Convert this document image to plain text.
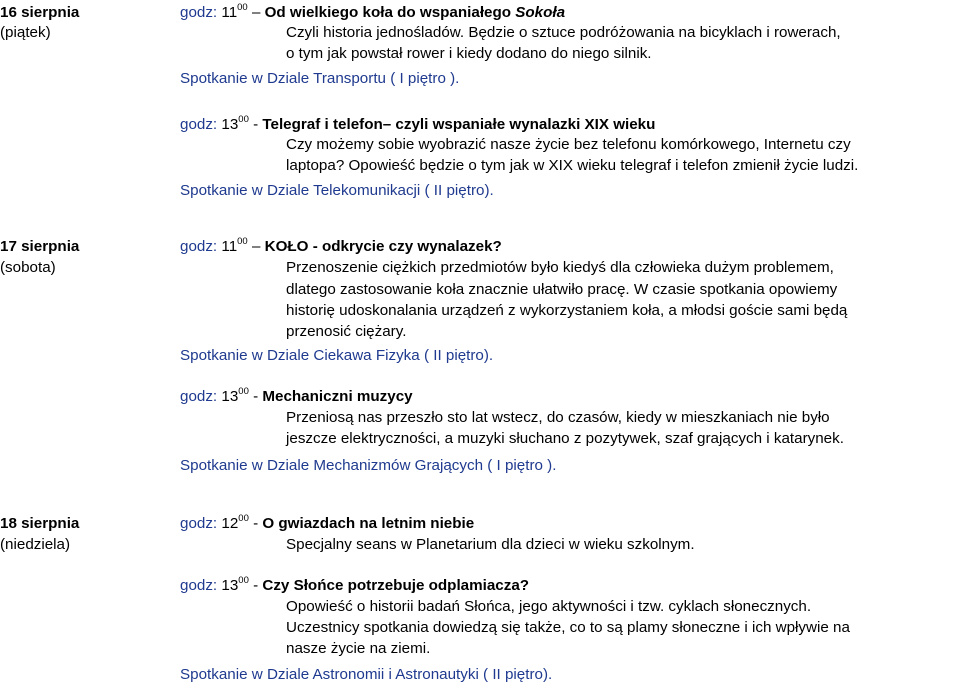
16 sierpnia
(piątek)
godz: $11^{00}$ – Od wielkiego koła do wspaniałego Sokoła
Czyli historia jednośladów. Będzie o sztuce podróżowania na bicyklach i rowerach,
o tym jak powstał rower i kiedy dodano do niego silnik.
Spotkanie w Dziale Transportu ( I piętro ).
godz: $13^{00}$ - Telegraf i telefon– czyli wspaniałe wynalazki XIX wieku
Czy możemy sobie wyobrazić nasze życie bez telefonu komórkowego, Internetu czy
laptopa? Opowieść będzie o tym jak w XIX wieku telegraf i telefon zmienił życie ludzi.
Spotkanie w Dziale Telekomunikacji ( II piętro).
17 sierpnia
(sobota)
godz: $11^{00}$ – KOŁO - odkrycie czy wynalazek?
Przenoszenie ciężkich przedmiotów było kiedyś dla człowieka dużym problemem,
dlatego zastosowanie koła znacznie ułatwiło pracę. W czasie spotkania opowiemy
historię udoskonalania urządzeń z wykorzystaniem koła, a młodsi goście sami będą
przenosić ciężary.
Spotkanie w Dziale Ciekawa Fizyka ( II piętro).
godz: $13^{00}$ - Mechaniczni muzycy
Przeniosą nas przeszło sto lat wstecz, do czasów, kiedy w mieszkaniach nie było
jeszcze elektryczności, a muzyki słuchano z pozytywek, szaf grających i katarynek.
Spotkanie w Dziale Mechanizmów Grających ( I piętro ).
18 sierpnia
(niedziela)
godz: $12^{00}$ - O gwiazdach na letnim niebie
Specjalny seans w Planetarium dla dzieci w wieku szkolnym.
godz: $13^{00}$ - Czy Słońce potrzebuje odplamiacza?
Opowieść o historii badań Słońca, jego aktywności i tzw. cyklach słonecznych.
Uczestnicy spotkania dowiedzą się także, co to są plamy słoneczne i ich wpływie na
nasze życie na ziemi.
Spotkanie w Dziale Astronomii i Astronautyki ( II piętro).
